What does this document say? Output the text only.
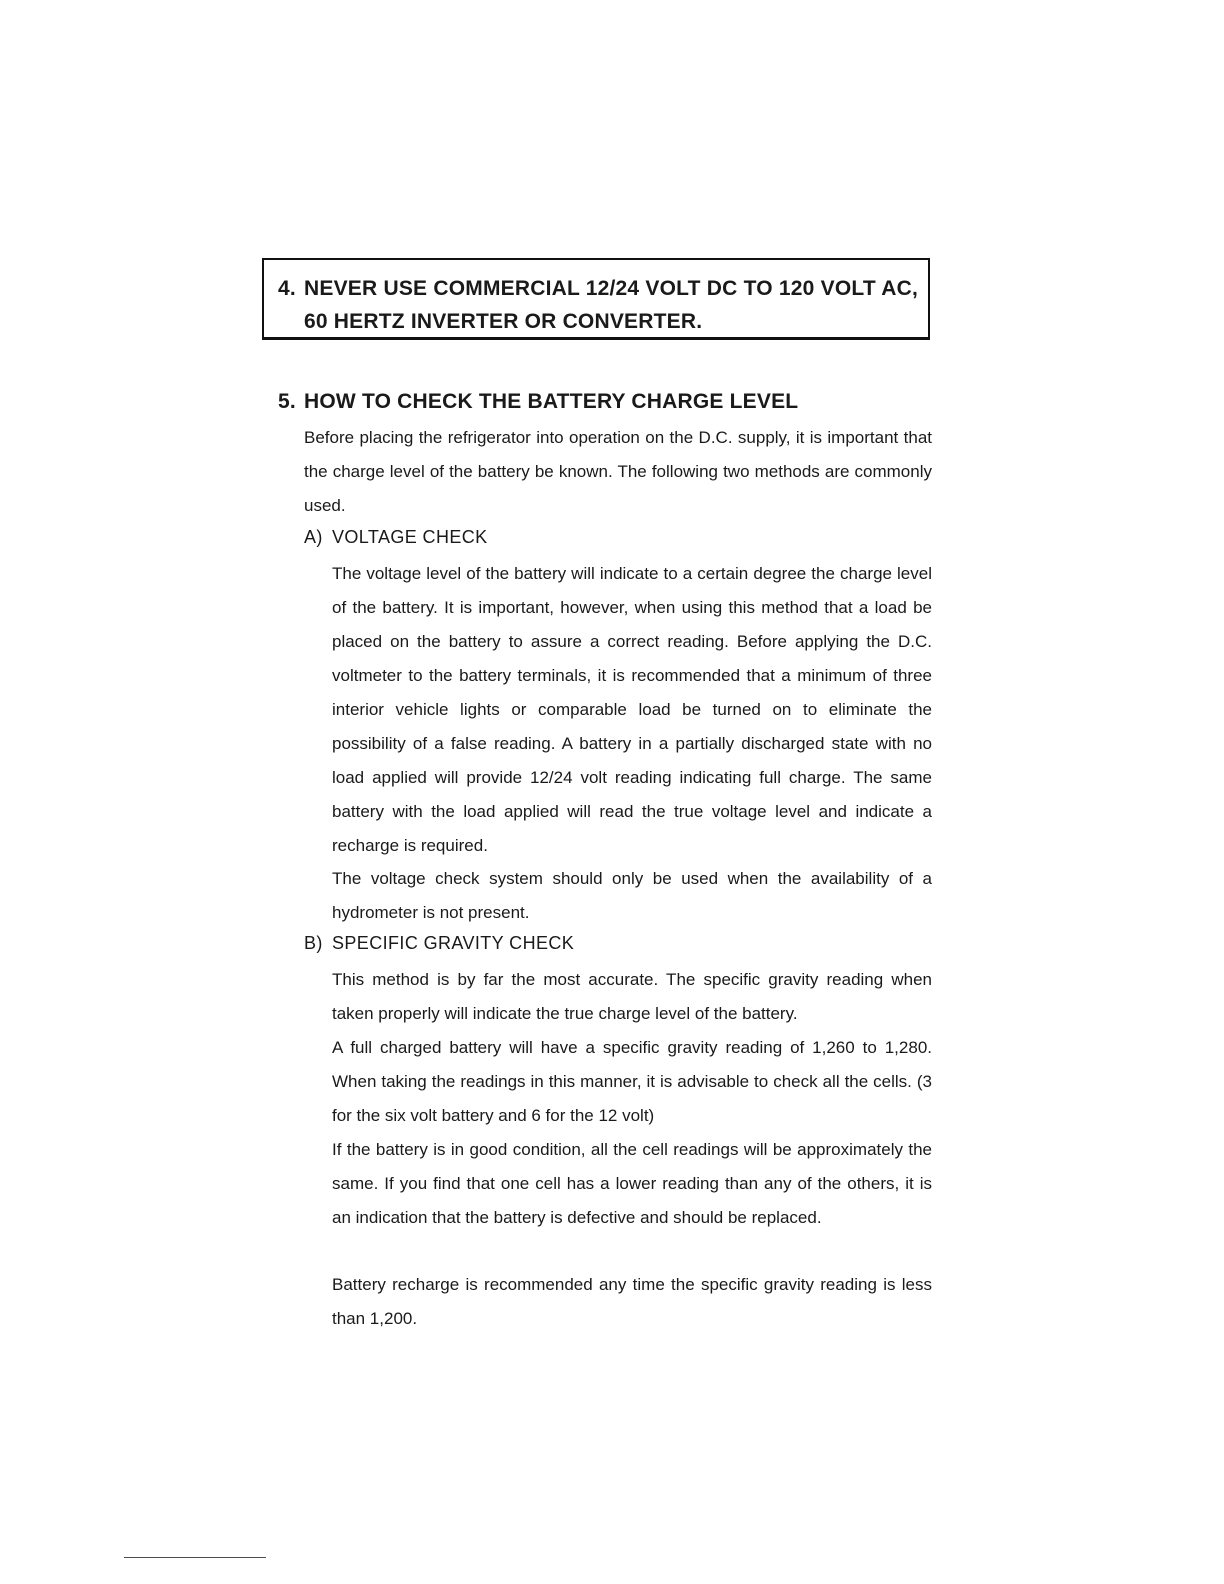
4. NEVER USE COMMERCIAL 12/24 VOLT DC TO 120 VOLT AC, 60 HERTZ INVERTER OR CONVERTER.
5. HOW TO CHECK THE BATTERY CHARGE LEVEL
Before placing the refrigerator into operation on the D.C. supply, it is important that the charge level of the battery be known. The following two methods are commonly used.
A) VOLTAGE CHECK
The voltage level of the battery will indicate to a certain degree the charge level of the battery. It is important, however, when using this method that a load be placed on the battery to assure a correct reading. Before applying the D.C. voltmeter to the battery terminals, it is recommended that a minimum of three interior vehicle lights or comparable load be turned on to eliminate the possibility of a false reading. A battery in a partially discharged state with no load applied will provide 12/24 volt reading indicating full charge. The same battery with the load applied will read the true voltage level and indicate a recharge is required.
The voltage check system should only be used when the availability of a hydrometer is not present.
B) SPECIFIC GRAVITY CHECK
This method is by far the most accurate. The specific gravity reading when taken properly will indicate the true charge level of the battery.
A full charged battery will have a specific gravity reading of 1,260 to 1,280. When taking the readings in this manner, it is advisable to check all the cells. (3 for the six volt battery and 6 for the 12 volt)
If the battery is in good condition, all the cell readings will be approximately the same. If you find that one cell has a lower reading than any of the others, it is an indication that the battery is defective and should be replaced.
Battery recharge is recommended any time the specific gravity reading is less than 1,200.
